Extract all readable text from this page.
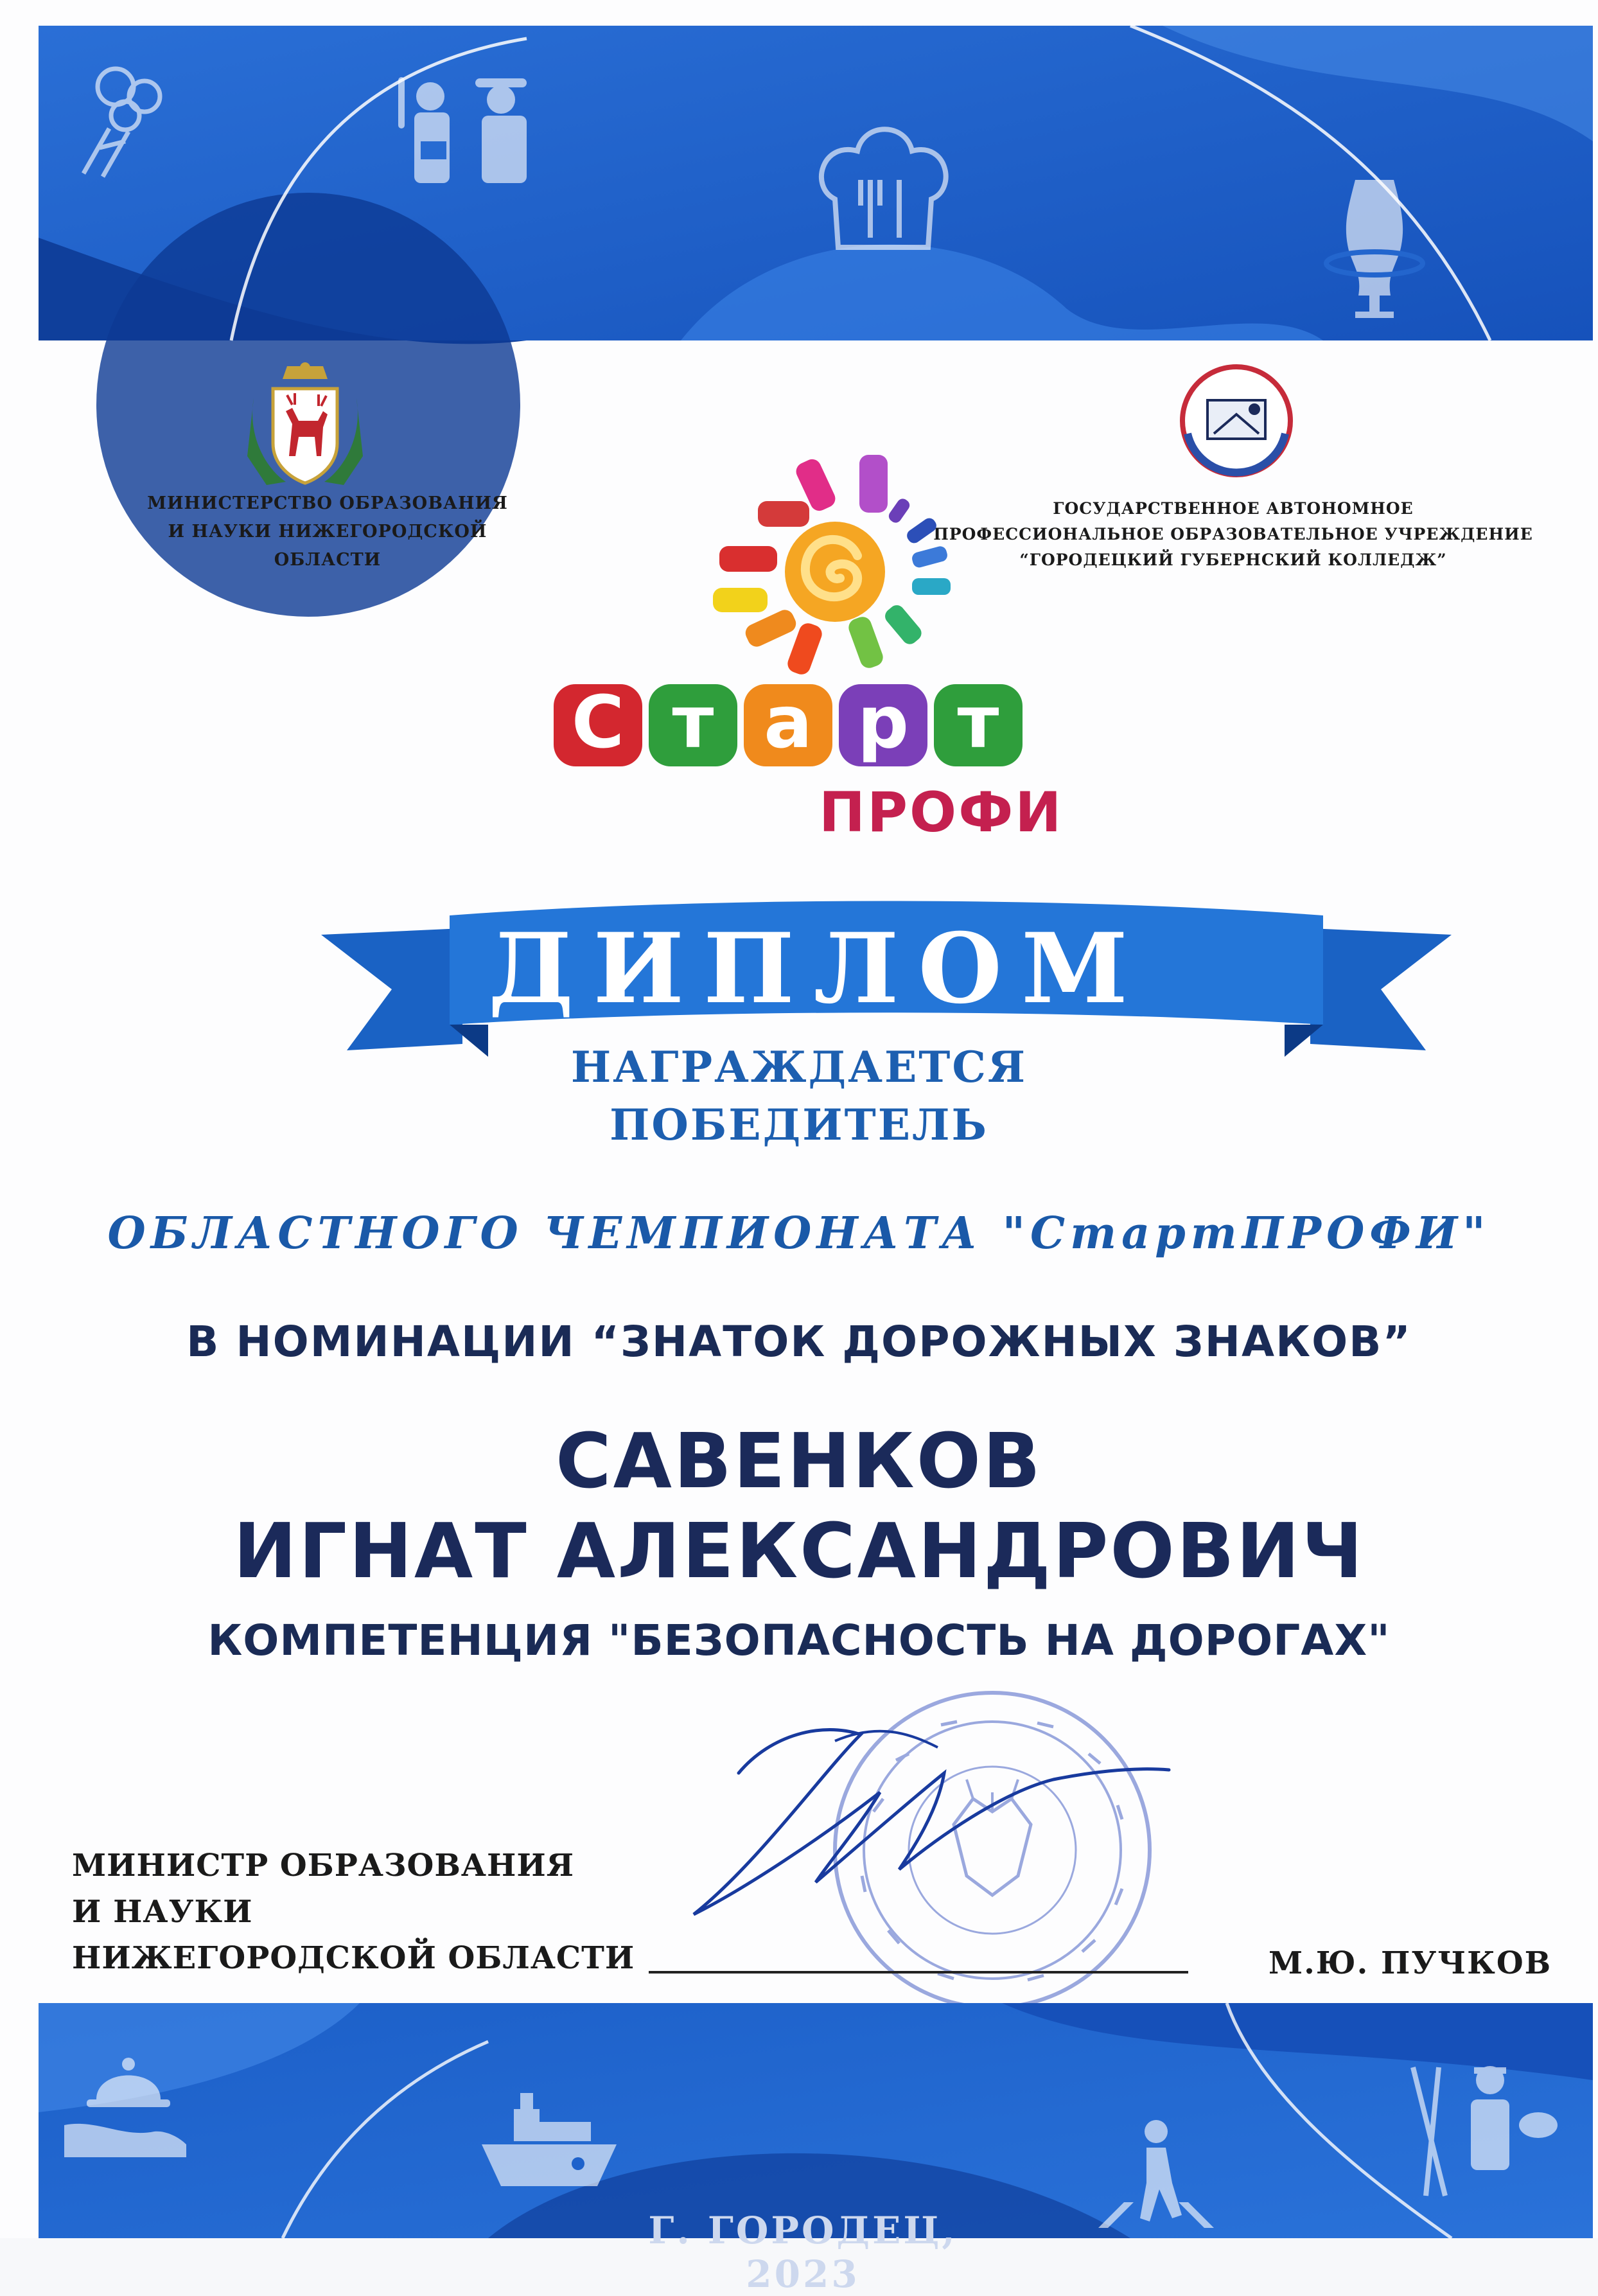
МИНИСТЕРСТВО ОБРАЗОВАНИЯ
И НАУКИ НИЖЕГОРОДСКОЙ ОБЛАСТИ
ГГК
ГОСУДАРСТВЕННОЕ АВТОНОМНОЕ
ПРОФЕССИОНАЛЬНОЕ ОБРАЗОВАТЕЛЬНОЕ УЧРЕЖДЕНИЕ
“ГОРОДЕЦКИЙ ГУБЕРНСКИЙ КОЛЛЕДЖ”
С т а р т
ПРОФИ
ДИПЛОМ
НАГРАЖДАЕТСЯ
ПОБЕДИТЕЛЬ
ОБЛАСТНОГО ЧЕМПИОНАТА "СтартПРОФИ"
В НОМИНАЦИИ “ЗНАТОК ДОРОЖНЫХ ЗНАКОВ”
САВЕНКОВ
ИГНАТ АЛЕКСАНДРОВИЧ
КОМПЕТЕНЦИЯ "БЕЗОПАСНОСТЬ НА ДОРОГАХ"
МИНИСТР ОБРАЗОВАНИЯ
И НАУКИ
НИЖЕГОРОДСКОЙ ОБЛАСТИ	М.Ю. ПУЧКОВ
Г. ГОРОДЕЦ, 2023
